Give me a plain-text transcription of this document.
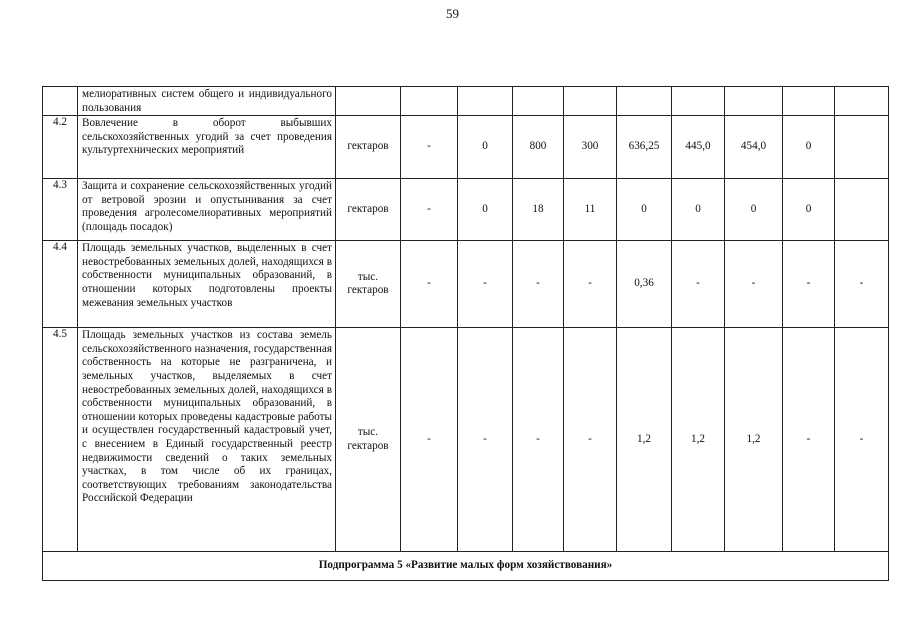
59
	мелиоративных систем общего и индивидуального пользования										
4.2	Вовлечение в оборот выбывших сельскохозяйственных угодий за счет проведения культуртехнических мероприятий	гектаров	-	0	800	300	636,25	445,0	454,0	0	
4.3	Защита и сохранение сельскохозяйственных угодий от ветровой эрозии и опустынивания за счет проведения агролесомелиоративных мероприятий (площадь посадок)	гектаров	-	0	18	11	0	0	0	0	
4.4	Площадь земельных участков, выделенных в счет невостребованных земельных долей, находящихся в собственности муниципальных образований, в отношении которых подготовлены проекты межевания земельных участков	тыс. гектаров	-	-	-	-	0,36	-	-	-	-
4.5	Площадь земельных участков из состава земель сельскохозяйственного назначения, государственная собственность на которые не разграничена, и земельных участков, выделяемых в счет невостребованных земельных долей, находящихся в собственности муниципальных образований, в отношении которых проведены кадастровые работы и осуществлен государственный кадастровый учет, с внесением в Единый государственный реестр недвижимости сведений о таких земельных участках, в том числе об их границах, соответствующих требованиям законодательства Российской Федерации	тыс. гектаров	-	-	-	-	1,2	1,2	1,2	-	-
Подпрограмма 5 «Развитие малых форм хозяйствования»											
